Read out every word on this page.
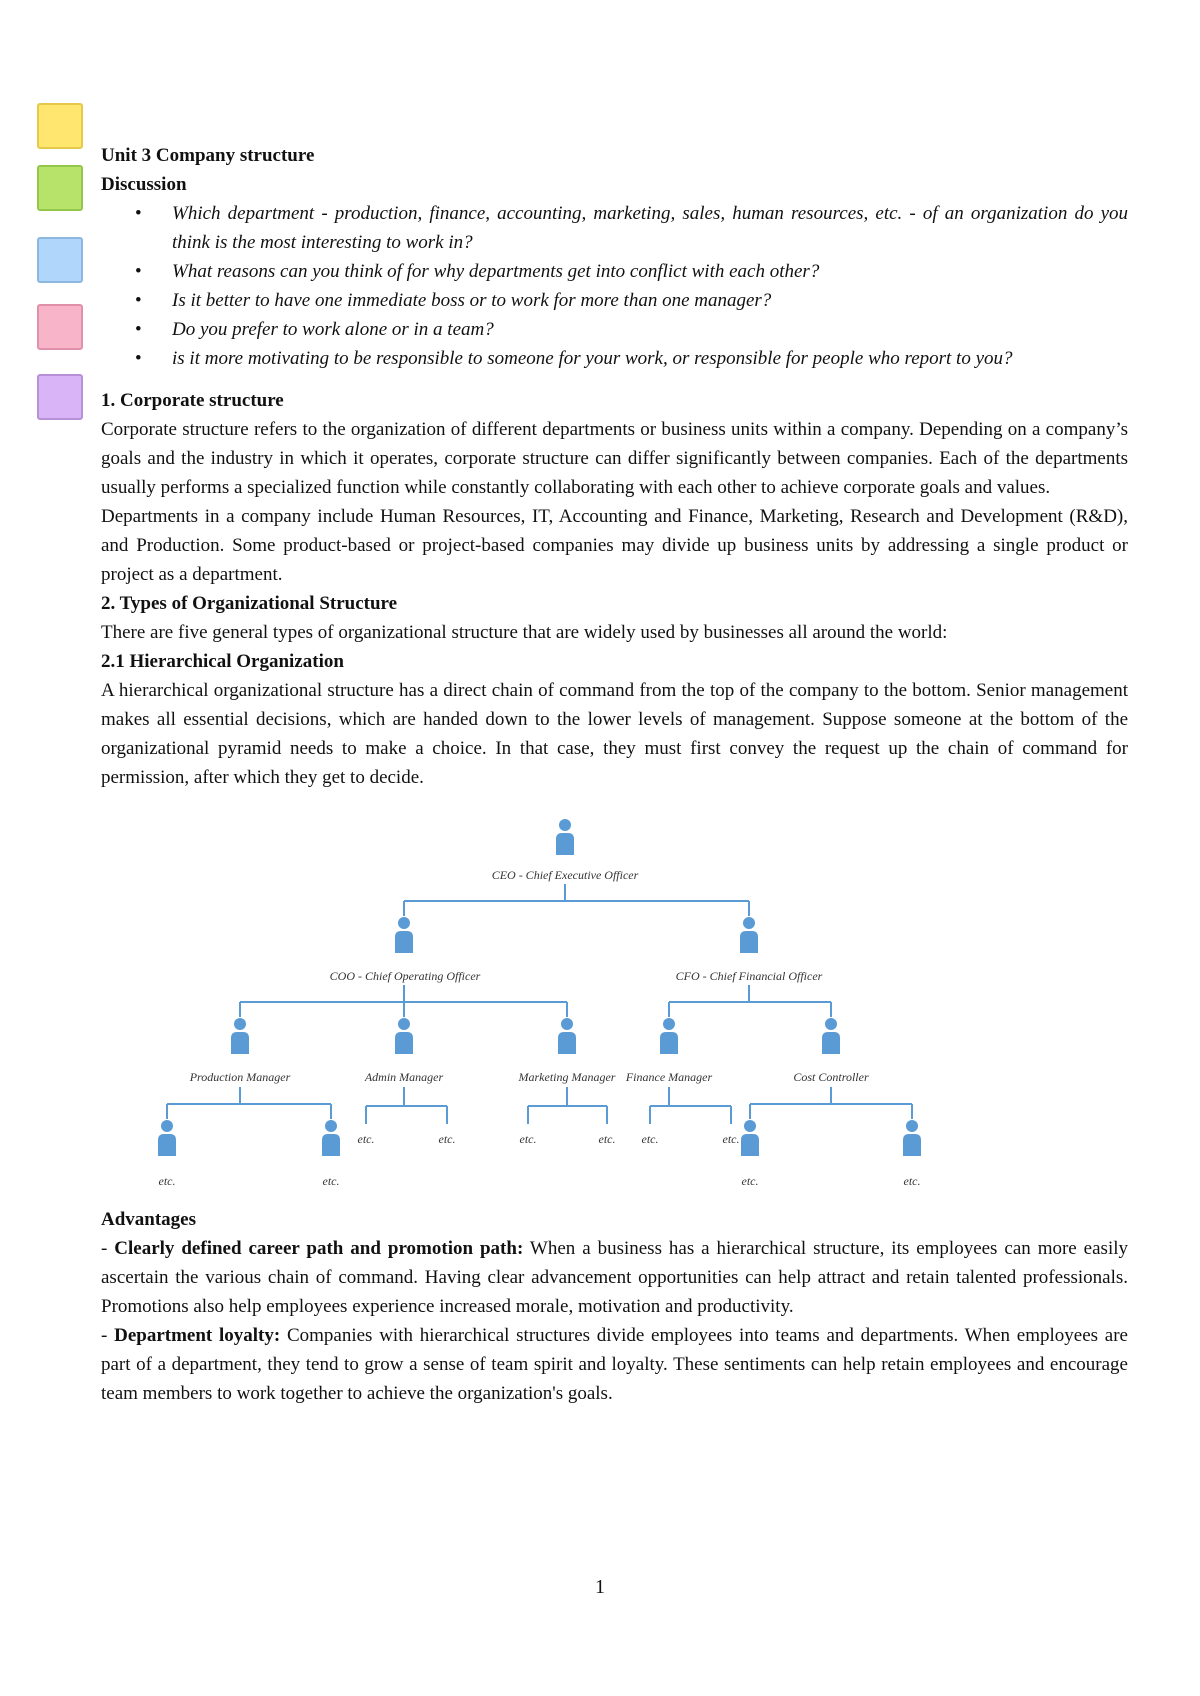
Unit 3 Company structure
Discussion
• Which department - production, finance, accounting, marketing, sales, human resources, etc. - of an organization do you think is the most interesting to work in?
• What reasons can you think of for why departments get into conflict with each other?
• Is it better to have one immediate boss or to work for more than one manager?
• Do you prefer to work alone or in a team?
• is it more motivating to be responsible to someone for your work, or responsible for people who report to you?
1. Corporate structure

Corporate structure refers to the organization of different departments or business units within a company. Depending on a company’s goals and the industry in which it operates, corporate structure can differ significantly between companies. Each of the departments usually performs a specialized function while constantly collaborating with each other to achieve corporate goals and values.

Departments in a company include Human Resources, IT, Accounting and Finance, Marketing, Research and Development (R&D), and Production. Some product-based or project-based companies may divide up business units by addressing a single product or project as a department.

2. Types of Organizational Structure

There are five general types of organizational structure that are widely used by businesses all around the world:

2.1 Hierarchical Organization

A hierarchical organizational structure has a direct chain of command from the top of the company to the bottom. Senior management makes all essential decisions, which are handed down to the lower levels of management. Suppose someone at the bottom of the organizational pyramid needs to make a choice. In that case, they must first convey the request up the chain of command for permission, after which they get to decide.

CEO - Chief Executive Officer
COO - Chief Operating Officer	CFO - Chief Financial Officer
Production Manager	Admin Manager	Marketing Manager Finance Manager	Cost Controller
etc.	etc.	etc.	etc. etc.	etc.
etc.	etc.	etc.	etc.
Advantages

- Clearly defined career path and promotion path: When a business has a hierarchical structure, its employees can more easily ascertain the various chain of command. Having clear advancement opportunities can help attract and retain talented professionals. Promotions also help employees experience increased morale, motivation and productivity.

- Department loyalty: Companies with hierarchical structures divide employees into teams and departments. When employees are part of a department, they tend to grow a sense of team spirit and loyalty. These sentiments can help retain employees and encourage team members to work together to achieve the organization's goals.

1
